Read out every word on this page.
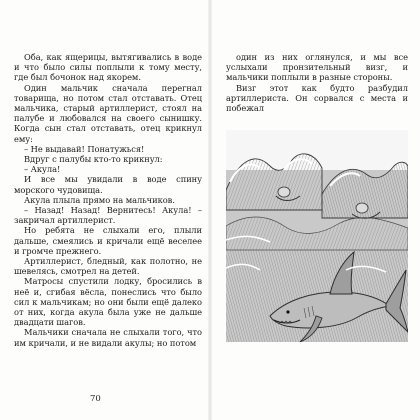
Оба, как ящерицы, вытягивались в воде и что было силы поплыли к тому месту, где был бочонок над якорем.

Один мальчик сначала перегнал товарища, но потом стал отставать. Отец мальчика, старый артиллерист, стоял на палубе и любовался на своего сынишку. Когда сын стал отставать, отец крикнул ему:

– Не выдавай! Понатужься!

Вдруг с палубы кто-то крикнул:

– Акула!

И все мы увидали в воде спину морского чудовища.

Акула плыла прямо на мальчиков.

– Назад! Назад! Вернитесь! Акула! – закричал артиллерист.

Но ребята не слыхали его, плыли дальше, смеялись и кричали ещё веселее и громче прежнего.

Артиллерист, бледный, как полотно, не шевелясь, смотрел на детей.

Матросы спустили лодку, бросились в неё и, сгибая вёсла, понеслись что было сил к мальчикам; но они были ещё далеко от них, когда акула была уже не дальше двадцати шагов.

Мальчики сначала не слыхали того, что им кричали, и не видали акулы; но потом

70

один из них оглянулся, и мы все услыхали пронзительный визг, и мальчики поплыли в разные стороны.

Визг этот как будто разбудил артиллериста. Он сорвался с места и побежал
